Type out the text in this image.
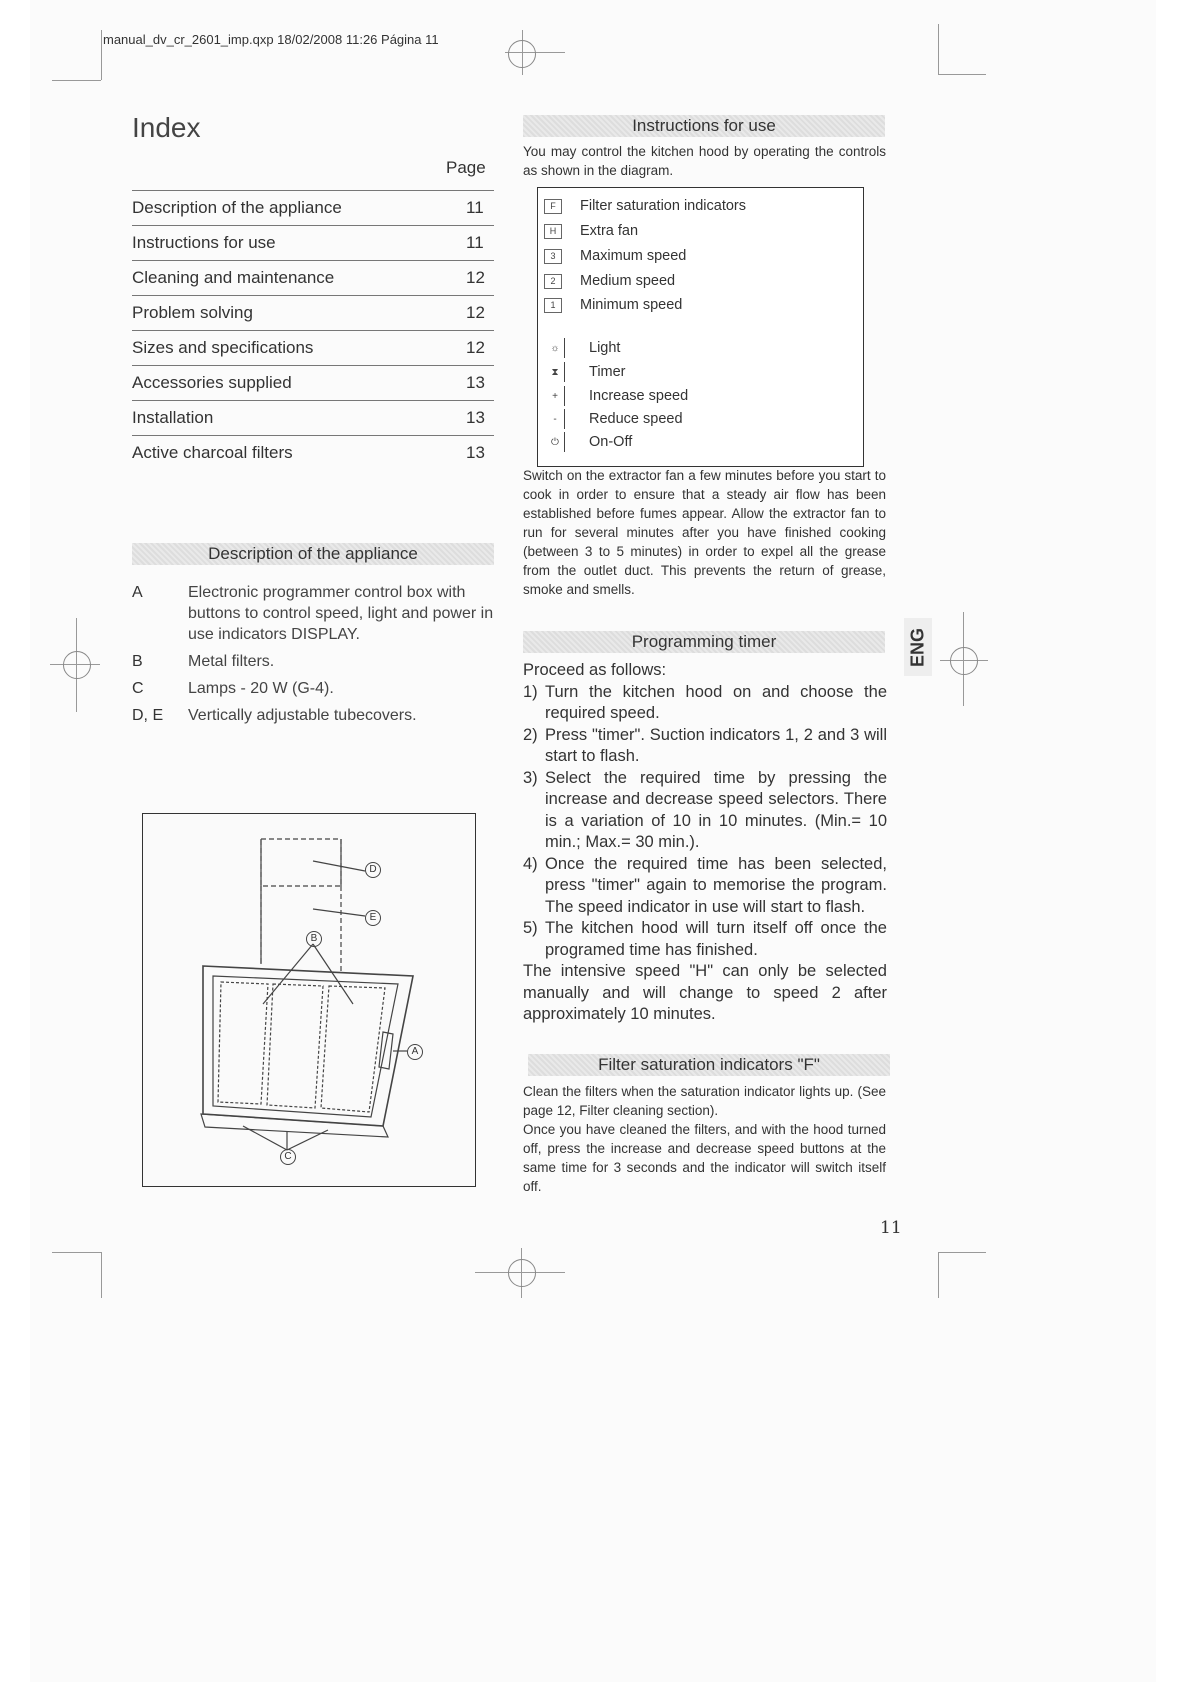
manual_dv_cr_2601_imp.qxp 18/02/2008 11:26 Página 11
Index
Page
Description of the appliance	11
Instructions for use	11
Cleaning and maintenance	12
Problem solving	12
Sizes and specifications	12
Accessories supplied	13
Installation	13
Active charcoal filters	13
Description of the appliance
A	Electronic programmer control box with buttons to control speed, light and power in use indicators DISPLAY.
B	Metal filters.
C	Lamps - 20 W (G-4).
D, E	Vertically adjustable tubecovers.
D
E
B
A
C
Instructions for use
You may control the kitchen hood by operating the controls as shown in the diagram.
F	Filter saturation indicators
H	Extra fan
3	Maximum speed
2	Medium speed
1	Minimum speed
☼	Light
⧗	Timer
+	Increase speed
-	Reduce speed
⏻	On-Off
Switch on the extractor fan a few minutes before you start to cook in order to ensure that a steady air flow has been established before fumes appear. Allow the extractor fan to run for several minutes after you have finished cooking (between 3 to 5 minutes) in order to expel all the grease from the outlet duct. This prevents the return of grease, smoke and smells.
Programming timer
Proceed as follows:
1) Turn the kitchen hood on and choose the required speed.
2) Press "timer". Suction indicators 1, 2 and 3 will start to flash.
3) Select the required time by pressing the increase and decrease speed selectors. There is a variation of 10 in 10 minutes. (Min.= 10 min.; Max.= 30 min.).
4) Once the required time has been selected, press "timer" again to memorise the program. The speed indicator in use will start to flash.
5) The kitchen hood will turn itself off once the programed time has finished.
The intensive speed "H" can only be selected manually and will change to speed 2 after approximately 10 minutes.
Filter saturation indicators "F"
Clean the filters when the saturation indicator lights up. (See page 12, Filter cleaning section).
Once you have cleaned the filters, and with the hood turned off, press the increase and decrease speed buttons at the same time for 3 seconds and the indicator will switch itself off.
ENG
11
